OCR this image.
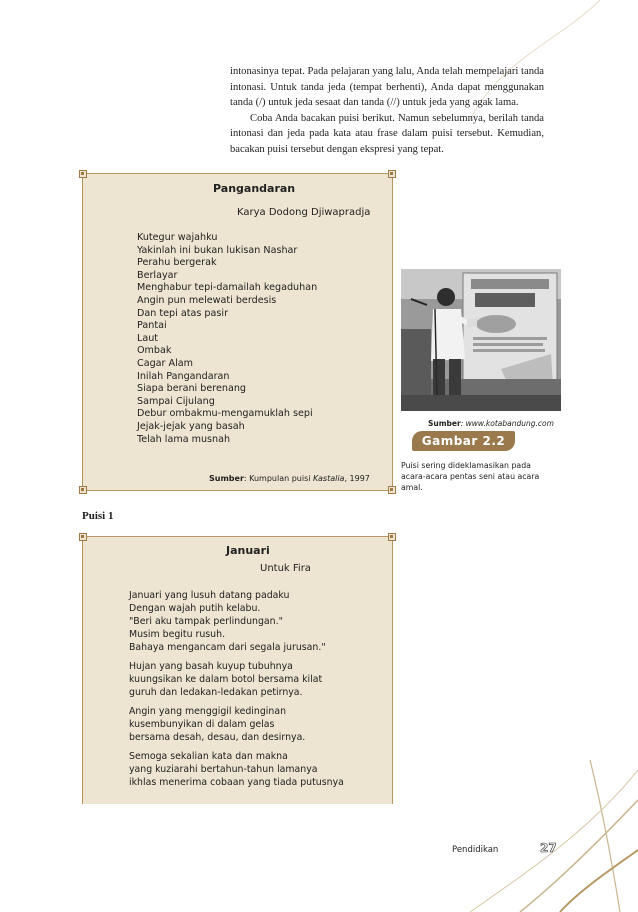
intonasinya tepat. Pada pelajaran yang lalu, Anda telah mempelajari tanda intonasi. Untuk tanda jeda (tempat berhenti), Anda dapat menggunakan tanda (/) untuk jeda sesaat dan tanda (//) untuk jeda yang agak lama.

Coba Anda bacakan puisi berikut. Namun sebelumnya, berilah tanda intonasi dan jeda pada kata atau frase dalam puisi tersebut. Kemudian, bacakan puisi tersebut dengan ekspresi yang tepat.

Pangandaran
Karya Dodong Djiwapradja
Kutegur wajahku
Yakinlah ini bukan lukisan Nashar
Perahu bergerak
Berlayar
Menghabur tepi-damailah kegaduhan
Angin pun melewati berdesis
Dan tepi atas pasir
Pantai
Laut
Ombak
Cagar Alam
Inilah Pangandaran
Siapa berani berenang
Sampai Cijulang
Debur ombakmu-mengamuklah sepi
Jejak-jejak yang basah
Telah lama musnah
Sumber: Kumpulan puisi Kastalia, 1997
Sumber: www.kotabandung.com
Gambar 2.2
Puisi sering dideklamasikan pada acara-acara pentas seni atau acara amal.
Puisi 1
Januari
Untuk Fira
Januari yang lusuh datang padaku
Dengan wajah putih kelabu.
"Beri aku tampak perlindungan."
Musim begitu rusuh.
Bahaya mengancam dari segala jurusan."
Hujan yang basah kuyup tubuhnya
kuungsikan ke dalam botol bersama kilat
guruh dan ledakan-ledakan petirnya.
Angin yang menggigil kedinginan
kusembunyikan di dalam gelas
bersama desah, desau, dan desirnya.
Semoga sekalian kata dan makna
yang kuziarahi bertahun-tahun lamanya
ikhlas menerima cobaan yang tiada putusnya
Pendidikan	27
